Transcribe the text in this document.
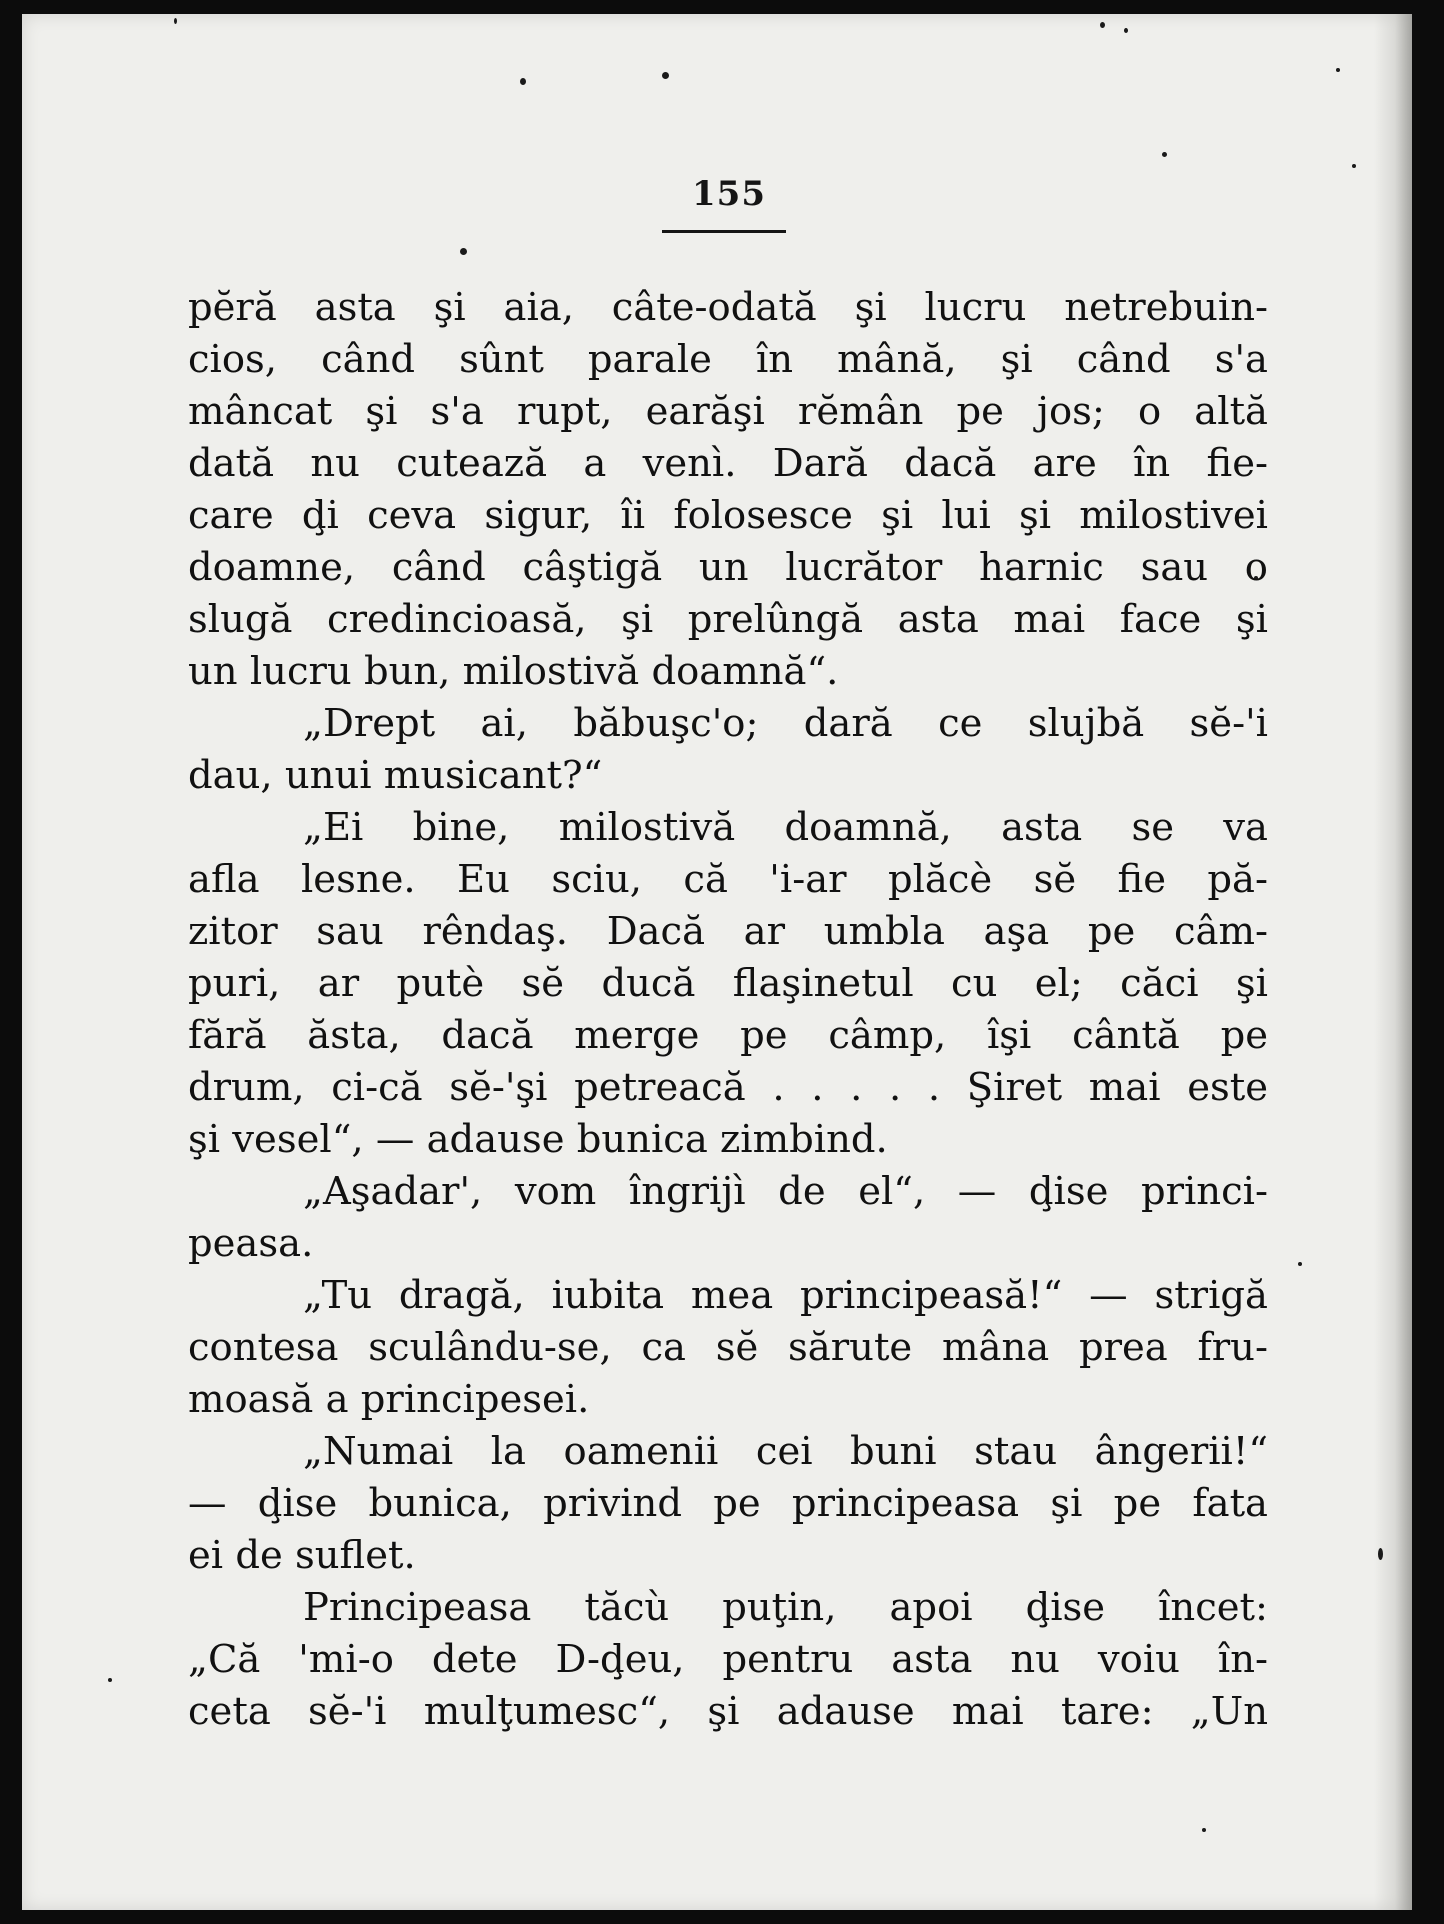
155
pĕră asta şi aia, câte-odată şi lucru netrebuin-
cios, când sûnt parale în mână, şi când s'a
mâncat şi s'a rupt, earăşi rĕmân pe jos; o altă
dată nu cutează a venì. Dară dacă are în fie-
care ḑi ceva sigur, îi folosesce şi lui şi milostivei
doamne, când câştigă un lucrător harnic sau o
slugă credincioasă, şi prelûngă asta mai face şi
un lucru bun, milostivă doamnă“.
„Drept ai, băbuşc'o; dară ce slujbă sĕ-'i
dau, unui musicant?“
„Ei bine, milostivă doamnă, asta se va
afla lesne. Eu sciu, că 'i-ar plăcè sĕ fie pă-
zitor sau rêndaş. Dacă ar umbla aşa pe câm-
puri, ar putè sĕ ducă flaşinetul cu el; căci şi
fără ăsta, dacă merge pe câmp, îşi cântă pe
drum, ci-că sĕ-'şi petreacă . . . . . Şiret mai este
şi vesel“, — adause bunica zimbind.
„Aşadar', vom îngrijì de el“, — ḑise princi-
peasa.
„Tu dragă, iubita mea principeasă!“ — strigă
contesa sculându-se, ca sĕ sărute mâna prea fru-
moasă a principesei.
„Numai la oamenii cei buni stau ângerii!“
— ḑise bunica, privind pe principeasa şi pe fata
ei de suflet.
Principeasa tăcù puţin, apoi ḑise încet:
„Că 'mi-o dete D-ḑeu, pentru asta nu voiu în-
ceta sĕ-'i mulţumesc“, şi adause mai tare: „Un
